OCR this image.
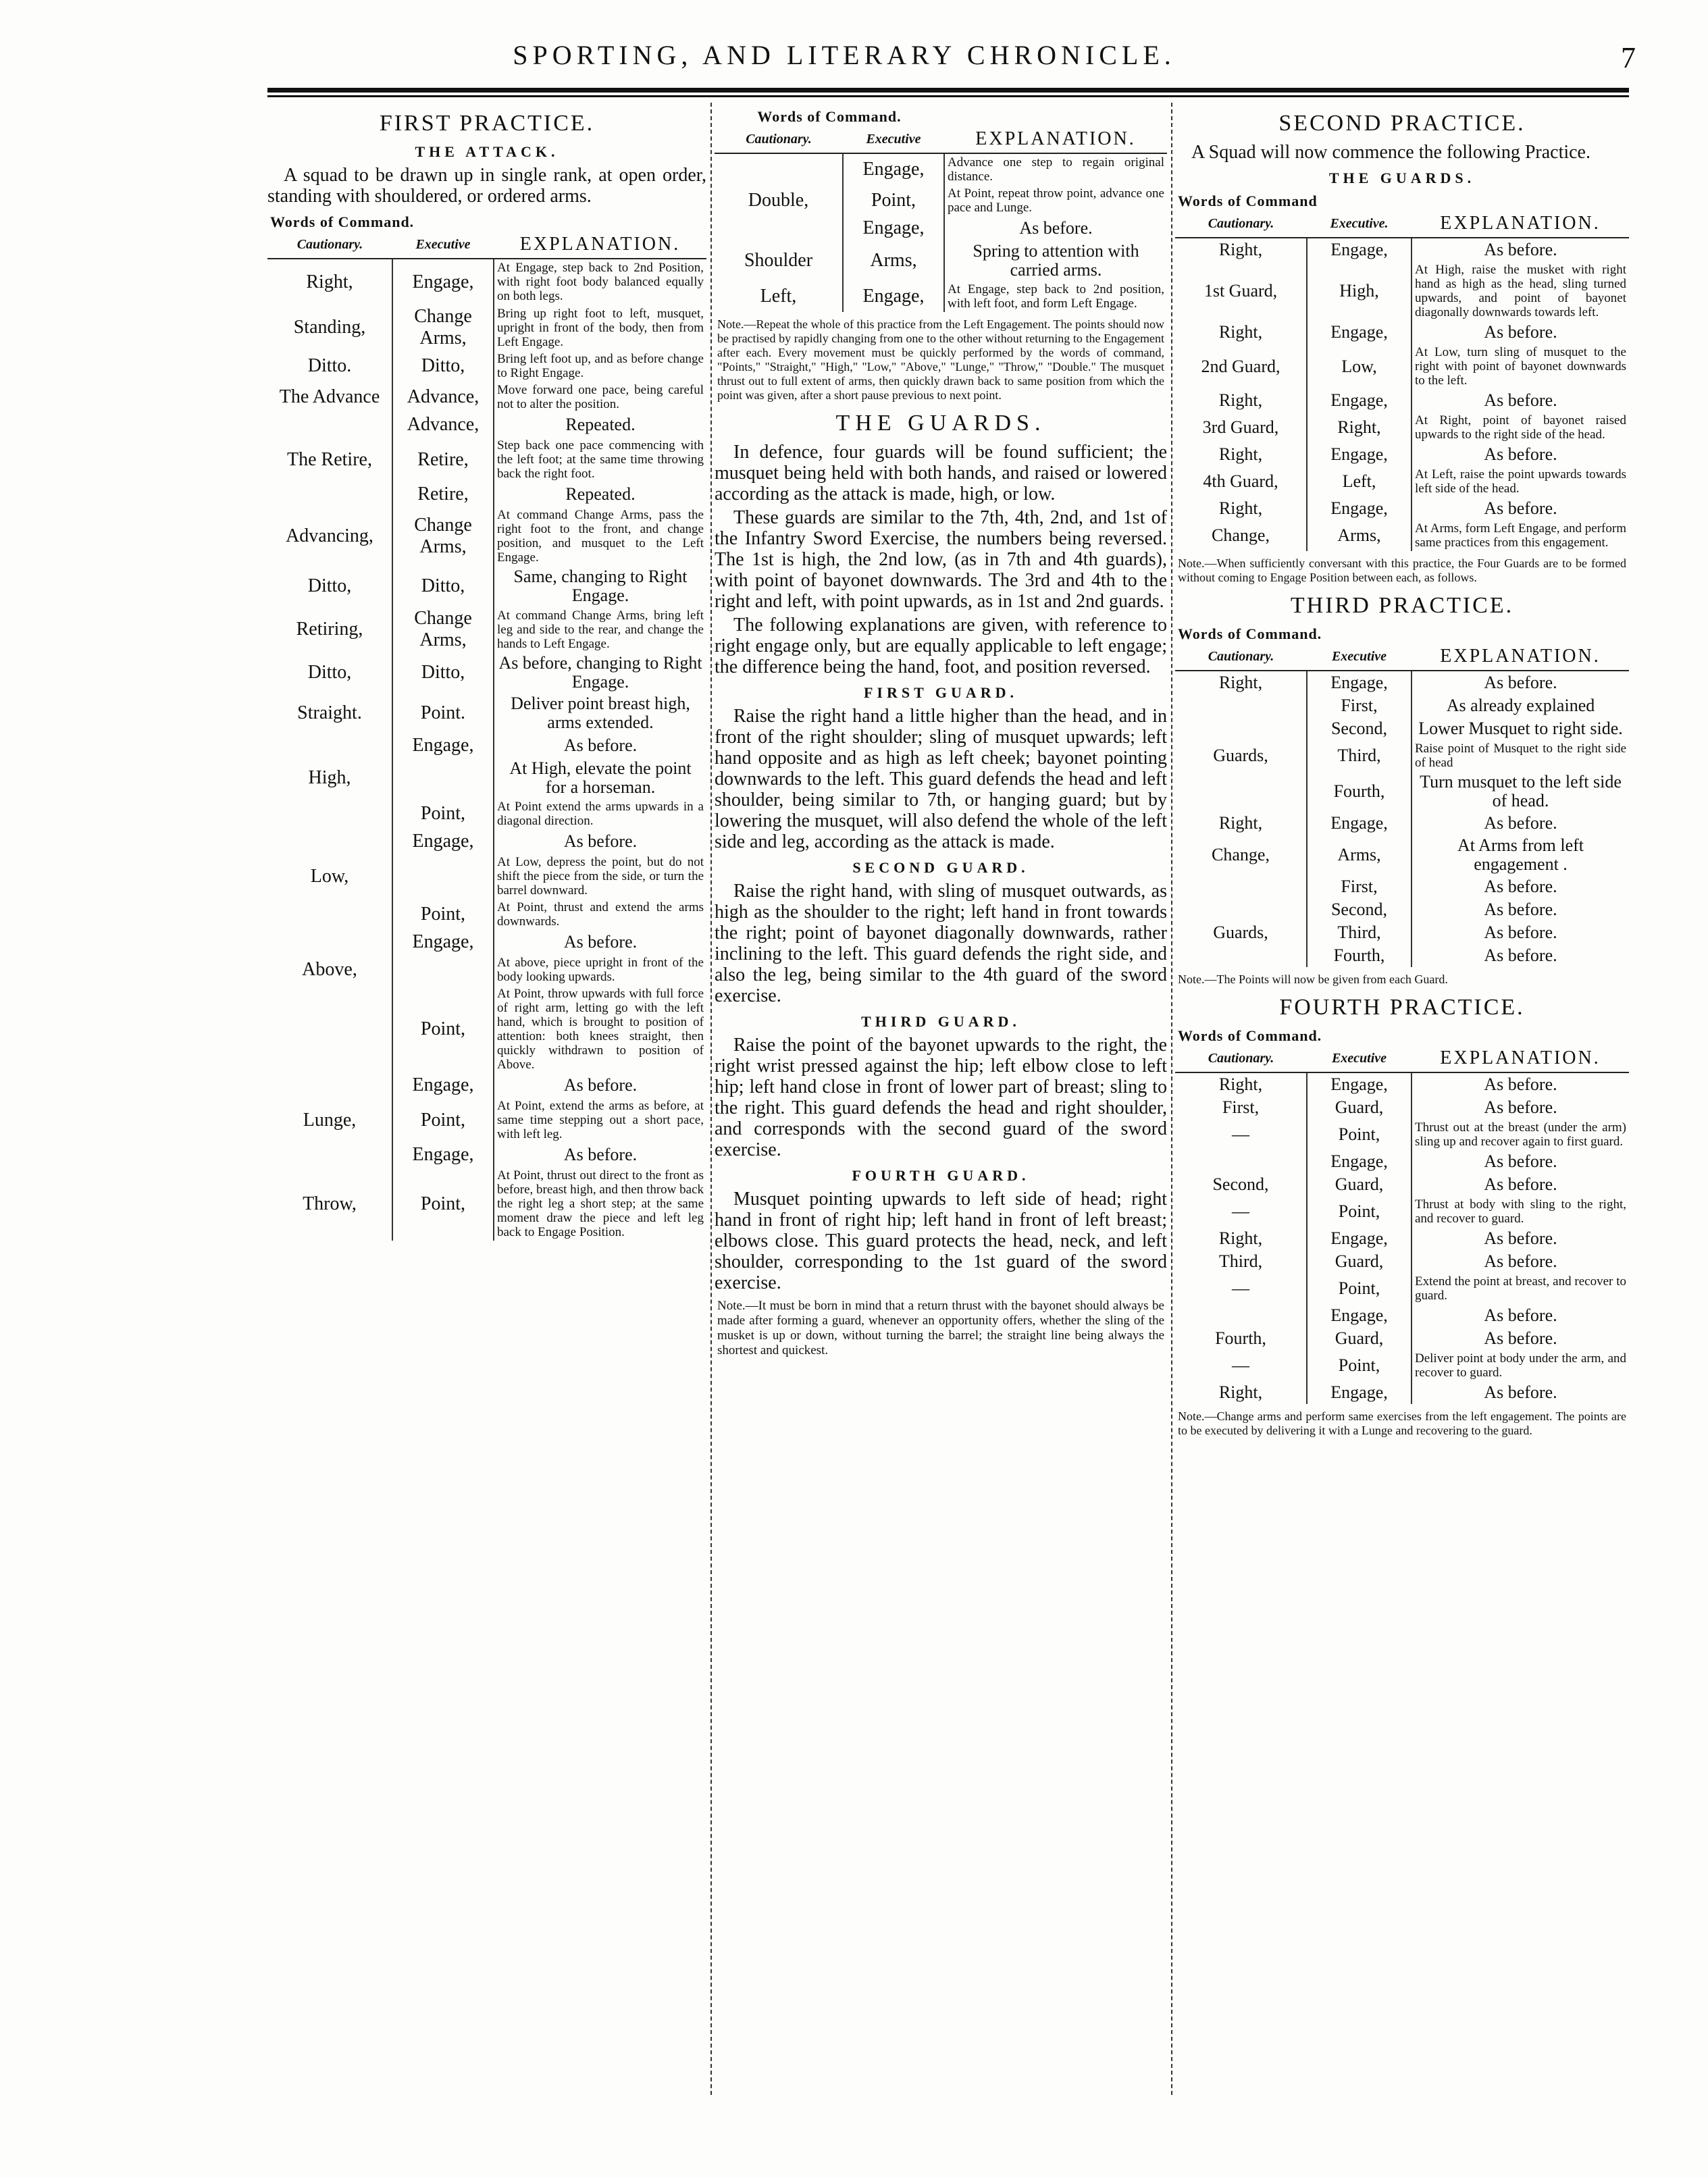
SPORTING, AND LITERARY CHRONICLE.	7
FIRST PRACTICE.
THE ATTACK.
A squad to be drawn up in single rank, at open order, standing with shouldered, or ordered arms.
Words of Command.		
Cautionary.	Executive	EXPLANATION.
Right,	Engage,	At Engage, step back to 2nd Position, with right foot body balanced equally on both legs.
Standing,	Change Arms,	Bring up right foot to left, musquet, upright in front of the body, then from Left Engage.
Ditto.	Ditto,	Bring left foot up, and as before change to Right Engage.
The Advance	Advance,	Move forward one pace, being careful not to alter the position.
	Advance,	Repeated.
The Retire,	Retire,	Step back one pace commencing with the left foot; at the same time throwing back the right foot.
	Retire,	Repeated.
Advancing,	Change Arms,	At command Change Arms, pass the right foot to the front, and change position, and musquet to the Left Engage.
Ditto,	Ditto,	Same, changing to Right Engage.
Retiring,	Change Arms,	At command Change Arms, bring left leg and side to the rear, and change the hands to Left Engage.
Ditto,	Ditto,	As before, changing to Right Engage.
Straight.	Point.	Deliver point breast high, arms extended.
	Engage,	As before.
High,		At High, elevate the point for a horseman.
	Point,	At Point extend the arms upwards in a diagonal direction.
	Engage,	As before.
Low,		At Low, depress the point, but do not shift the piece from the side, or turn the barrel downward.
	Point,	At Point, thrust and extend the arms downwards.
	Engage,	As before.
Above,		At above, piece upright in front of the body looking upwards.
	Point,	At Point, throw upwards with full force of right arm, letting go with the left hand, which is brought to position of attention: both knees straight, then quickly withdrawn to position of Above.
	Engage,	As before.
Lunge,	Point,	At Point, extend the arms as before, at same time stepping out a short pace, with left leg.
	Engage,	As before.
Throw,	Point,	At Point, thrust out direct to the front as before, breast high, and then throw back the right leg a short step; at the same moment draw the piece and left leg back to Engage Position.
Words of Command.		
Cautionary.	Executive	EXPLANATION.
	Engage,	Advance one step to regain original distance.
Double,	Point,	At Point, repeat throw point, advance one pace and Lunge.
	Engage,	As before.
Shoulder	Arms,	Spring to attention with carried arms.
Left,	Engage,	At Engage, step back to 2nd position, with left foot, and form Left Engage.
Note.—Repeat the whole of this practice from the Left Engagement. The points should now be practised by rapidly changing from one to the other without returning to the Engagement after each. Every movement must be quickly performed by the words of command, "Points," "Straight," "High," "Low," "Above," "Lunge," "Throw," "Double." The musquet thrust out to full extent of arms, then quickly drawn back to same position from which the point was given, after a short pause previous to next point.
THE GUARDS.
In defence, four guards will be found sufficient; the musquet being held with both hands, and raised or lowered according as the attack is made, high, or low.
These guards are similar to the 7th, 4th, 2nd, and 1st of the Infantry Sword Exercise, the numbers being reversed. The 1st is high, the 2nd low, (as in 7th and 4th guards), with point of bayonet downwards. The 3rd and 4th to the right and left, with point upwards, as in 1st and 2nd guards.
The following explanations are given, with reference to right engage only, but are equally applicable to left engage; the difference being the hand, foot, and position reversed.
FIRST GUARD.
Raise the right hand a little higher than the head, and in front of the right shoulder; sling of musquet upwards; left hand opposite and as high as left cheek; bayonet pointing downwards to the left. This guard defends the head and left shoulder, being similar to 7th, or hanging guard; but by lowering the musquet, will also defend the whole of the left side and leg, according as the attack is made.
SECOND GUARD.
Raise the right hand, with sling of musquet outwards, as high as the shoulder to the right; left hand in front towards the right; point of bayonet diagonally downwards, rather inclining to the left. This guard defends the right side, and also the leg, being similar to the 4th guard of the sword exercise.
THIRD GUARD.
Raise the point of the bayonet upwards to the right, the right wrist pressed against the hip; left elbow close to left hip; left hand close in front of lower part of breast; sling to the right. This guard defends the head and right shoulder, and corresponds with the second guard of the sword exercise.
FOURTH GUARD.
Musquet pointing upwards to left side of head; right hand in front of right hip; left hand in front of left breast; elbows close. This guard protects the head, neck, and left shoulder, corresponding to the 1st guard of the sword exercise.
Note.—It must be born in mind that a return thrust with the bayonet should always be made after forming a guard, whenever an opportunity offers, whether the sling of the musket is up or down, without turning the barrel; the straight line being always the shortest and quickest.
SECOND PRACTICE.
A Squad will now commence the following Practice.
THE GUARDS.
Words of Command		
Cautionary.	Executive.	EXPLANATION.
Right,	Engage,	As before.
1st Guard,	High,	At High, raise the musket with right hand as high as the head, sling turned upwards, and point of bayonet diagonally downwards towards left.
Right,	Engage,	As before.
2nd Guard,	Low,	At Low, turn sling of musquet to the right with point of bayonet downwards to the left.
Right,	Engage,	As before.
3rd Guard,	Right,	At Right, point of bayonet raised upwards to the right side of the head.
Right,	Engage,	As before.
4th Guard,	Left,	At Left, raise the point upwards towards left side of the head.
Right,	Engage,	As before.
Change,	Arms,	At Arms, form Left Engage, and perform same practices from this engagement.
Note.—When sufficiently conversant with this practice, the Four Guards are to be formed without coming to Engage Position between each, as follows.
THIRD PRACTICE.
Words of Command.		
Cautionary.	Executive	EXPLANATION.
Right,	Engage,	As before.
	First,	As already explained
	Second,	Lower Musquet to right side.
Guards,	Third,	Raise point of Musquet to the right side of head
	Fourth,	Turn musquet to the left side of head.
Right,	Engage,	As before.
Change,	Arms,	At Arms from left engagement .
	First,	As before.
	Second,	As before.
Guards,	Third,	As before.
	Fourth,	As before.
Note.—The Points will now be given from each Guard.
FOURTH PRACTICE.
Words of Command.		
Cautionary.	Executive	EXPLANATION.
Right,	Engage,	As before.
First,	Guard,	As before.
—	Point,	Thrust out at the breast (under the arm) sling up and recover again to first guard.
	Engage,	As before.
Second,	Guard,	As before.
—	Point,	Thrust at body with sling to the right, and recover to guard.
Right,	Engage,	As before.
Third,	Guard,	As before.
—	Point,	Extend the point at breast, and recover to guard.
	Engage,	As before.
Fourth,	Guard,	As before.
—	Point,	Deliver point at body under the arm, and recover to guard.
Right,	Engage,	As before.
Note.—Change arms and perform same exercises from the left engagement. The points are to be executed by delivering it with a Lunge and recovering to the guard.
